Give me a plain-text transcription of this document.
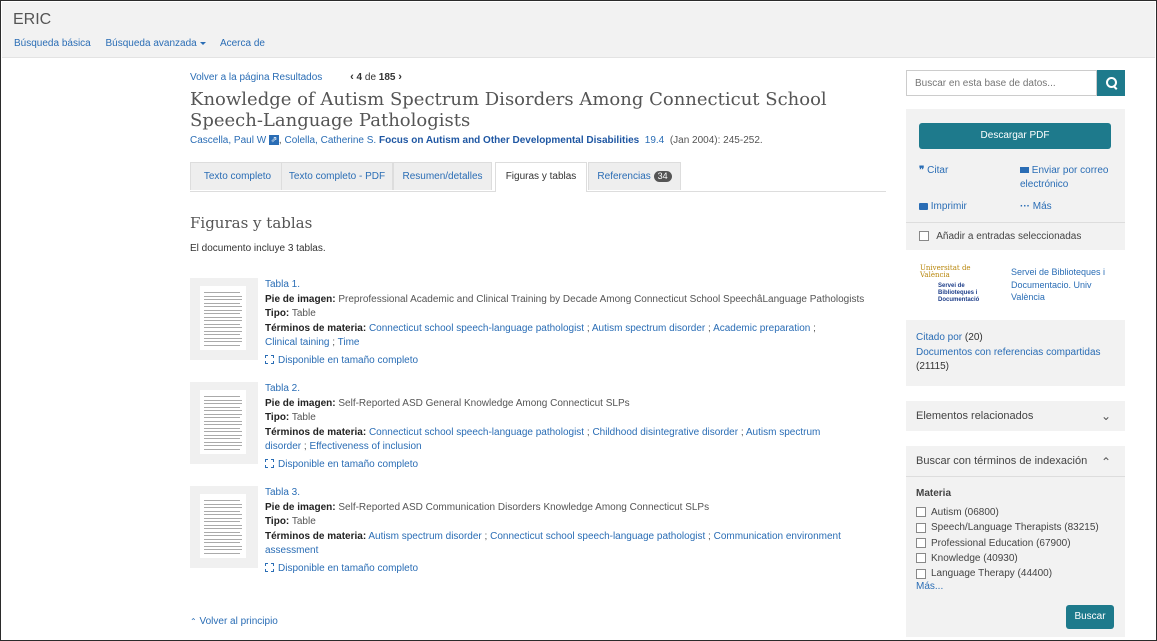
ERIC
Búsqueda básica Búsqueda avanzada Acerca de
Volver a la página Resultados	‹ 4 de 185 ›
Knowledge of Autism Spectrum Disorders Among Connecticut School Speech-Language Pathologists
Cascella, Paul W ⇗ , Colella, Catherine S. Focus on Autism and Other Developmental Disabilities 19.4 (Jan 2004): 245-252.
Texto completo	Texto completo - PDF	Resumen/detalles	Figuras y tablas	Referencias 34
Figuras y tablas
El documento incluye 3 tablas.
Tabla 1.
Pie de imagen: Preprofessional Academic and Clinical Training by Decade Among Connecticut School SpeechâLanguage Pathologists
Tipo: Table
Términos de materia: Connecticut school speech-language pathologist ; Autism spectrum disorder ; Academic preparation ; Clinical taining ; Time
Disponible en tamaño completo
Tabla 2.
Pie de imagen: Self-Reported ASD General Knowledge Among Connecticut SLPs
Tipo: Table
Términos de materia: Connecticut school speech-language pathologist ; Childhood disintegrative disorder ; Autism spectrum disorder ; Effectiveness of inclusion
Disponible en tamaño completo
Tabla 3.
Pie de imagen: Self-Reported ASD Communication Disorders Knowledge Among Connecticut SLPs
Tipo: Table
Términos de materia: Autism spectrum disorder ; Connecticut school speech-language pathologist ; Communication environment assessment
Disponible en tamaño completo
⌃ Volver al principio
Buscar en esta base de datos...
Descargar PDF
❞ Citar	Enviar por correo electrónico
Imprimir	··· Más
Añadir a entradas seleccionadas
Universitat de València
Servei de Biblioteques i Documentació
Servei de Biblioteques i Documentacio. Univ València
Citado por (20)
Documentos con referencias compartidas
(21115)
Elementos relacionados	⌄
Buscar con términos de indexación ⌃
Materia
Autism (06800)
Speech/Language Therapists (83215)
Professional Education (67900)
Knowledge (40930)
Language Therapy (44400)
Más...
Buscar
